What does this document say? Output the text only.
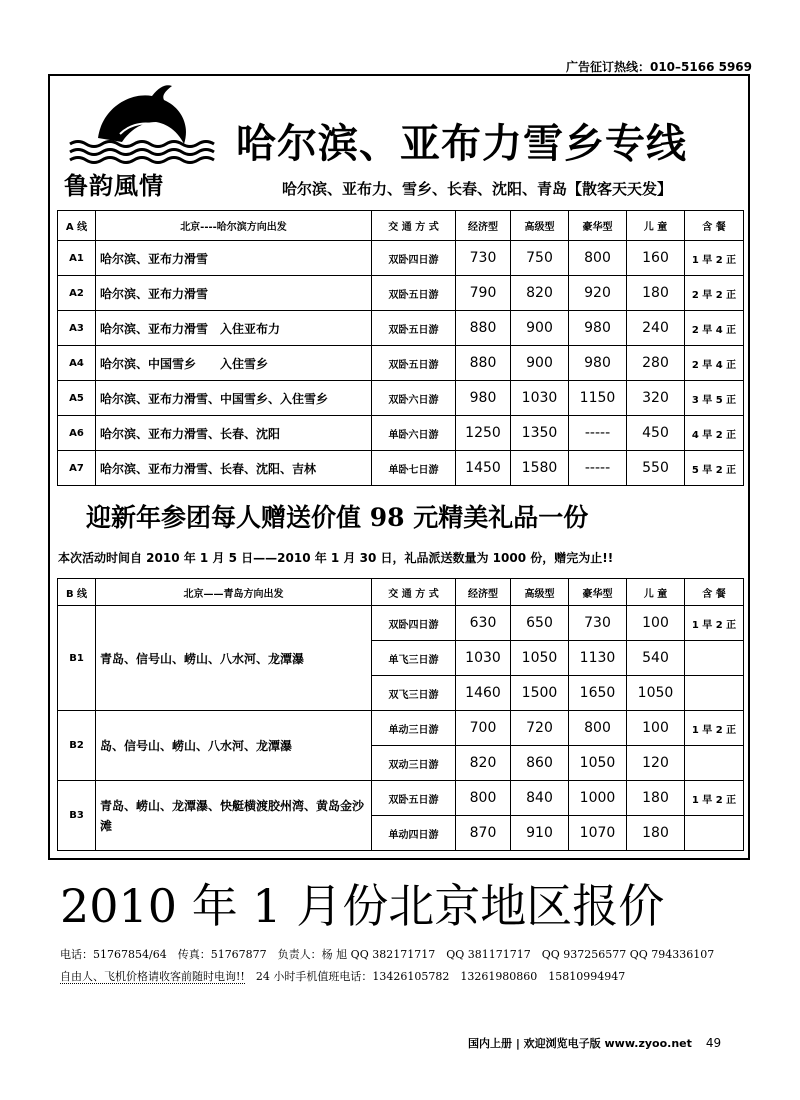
广告征订热线：010–5166 5969
鲁韵風情
哈尔滨、亚布力雪乡专线
哈尔滨、亚布力、雪乡、长春、沈阳、青岛【散客天天发】
A 线	北京----哈尔滨方向出发	交 通 方 式	经济型	高级型	豪华型	儿 童	含 餐
A1	哈尔滨、亚布力滑雪	双卧四日游	730	750	800	160	1 早 2 正
A2	哈尔滨、亚布力滑雪	双卧五日游	790	820	920	180	2 早 2 正
A3	哈尔滨、亚布力滑雪　入住亚布力	双卧五日游	880	900	980	240	2 早 4 正
A4	哈尔滨、中国雪乡　　入住雪乡	双卧五日游	880	900	980	280	2 早 4 正
A5	哈尔滨、亚布力滑雪、中国雪乡、入住雪乡	双卧六日游	980	1030	1150	320	3 早 5 正
A6	哈尔滨、亚布力滑雪、长春、沈阳	单卧六日游	1250	1350	-----	450	4 早 2 正
A7	哈尔滨、亚布力滑雪、长春、沈阳、吉林	单卧七日游	1450	1580	-----	550	5 早 2 正
迎新年参团每人赠送价值 98 元精美礼品一份
本次活动时间自 2010 年 1 月 5 日——2010 年 1 月 30 日，礼品派送数量为 1000 份，赠完为止!!
B 线	北京——青岛方向出发	交 通 方 式	经济型	高级型	豪华型	儿 童	含 餐
B1	青岛、信号山、崂山、八水河、龙潭瀑	双卧四日游	630	650	730	100	1 早 2 正
		单飞三日游	1030	1050	1130	540	
		双飞三日游	1460	1500	1650	1050	
B2	岛、信号山、崂山、八水河、龙潭瀑	单动三日游	700	720	800	100	1 早 2 正
		双动三日游	820	860	1050	120	
B3	青岛、崂山、龙潭瀑、快艇横渡胶州湾、黄岛金沙滩	双卧五日游	800	840	1000	180	1 早 2 正
		单动四日游	870	910	1070	180	
2010 年 1 月份北京地区报价
电话：51767854/64　传真：51767877　负责人：杨 旭 QQ 382171717　QQ 381171717　QQ 937256577 QQ 794336107
自由人、飞机价格请收客前随时电询!!　24 小时手机值班电话：13426105782　13261980860　15810994947
国内上册 | 欢迎浏览电子版 www.zyoo.net 49
